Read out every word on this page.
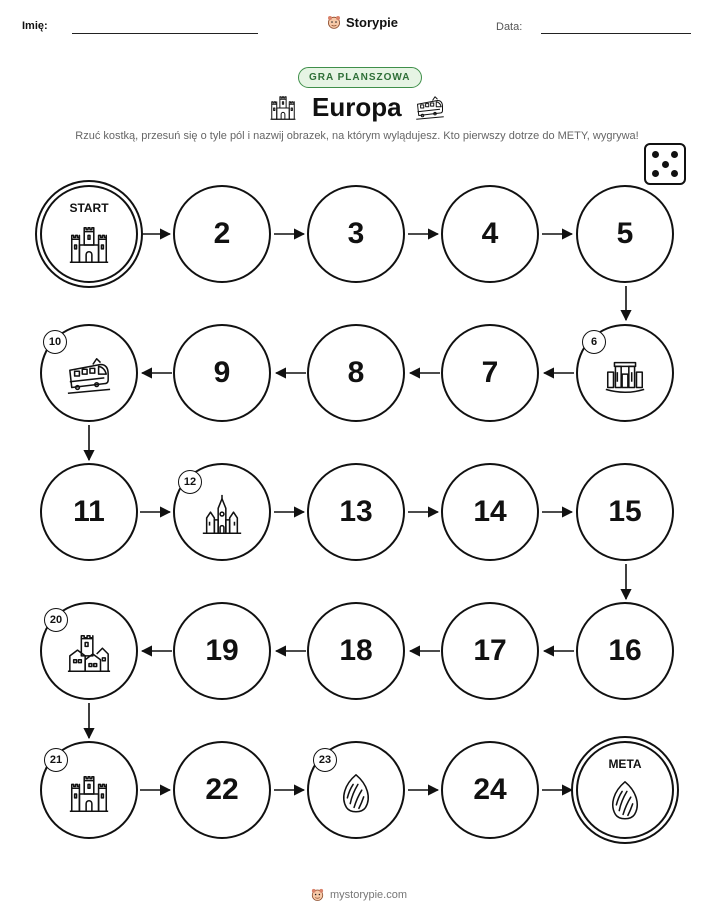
Imię:	Storypie	Data:
GRA PLANSZOWA
Europa
Rzuć kostką, przesuń się o tyle pól i nazwij obrazek, na którym wylądujesz. Kto pierwszy dotrze do METY, wygrywa!
START
2	3	4	5
10
9	8	7
6
11
12
13	14	15
20
19	18	17	16
21
22
23
24
META
mystorypie.com
